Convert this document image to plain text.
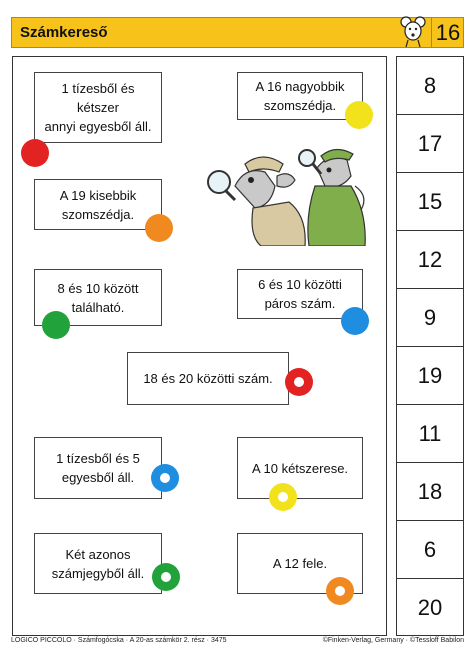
Számkereső	16
1 tízesből és kétszer
annyi egyesből áll.
A 16 nagyobbik
szomszédja.
A 19 kisebbik
szomszédja.
8 és 10 között
található.
6 és 10 közötti
páros szám.
18 és 20 közötti szám.
1 tízesből és 5
egyesből áll.
A 10 kétszerese.
Két azonos
számjegyből áll.
A 12 fele.
8
17
15
12
9
19
11
18
6
20
LOGICO PICCOLO · Számfogócska · A 20-as számkör 2. rész · 3475	©Finken-Verlag, Germany · ©Tessloff Babilon
